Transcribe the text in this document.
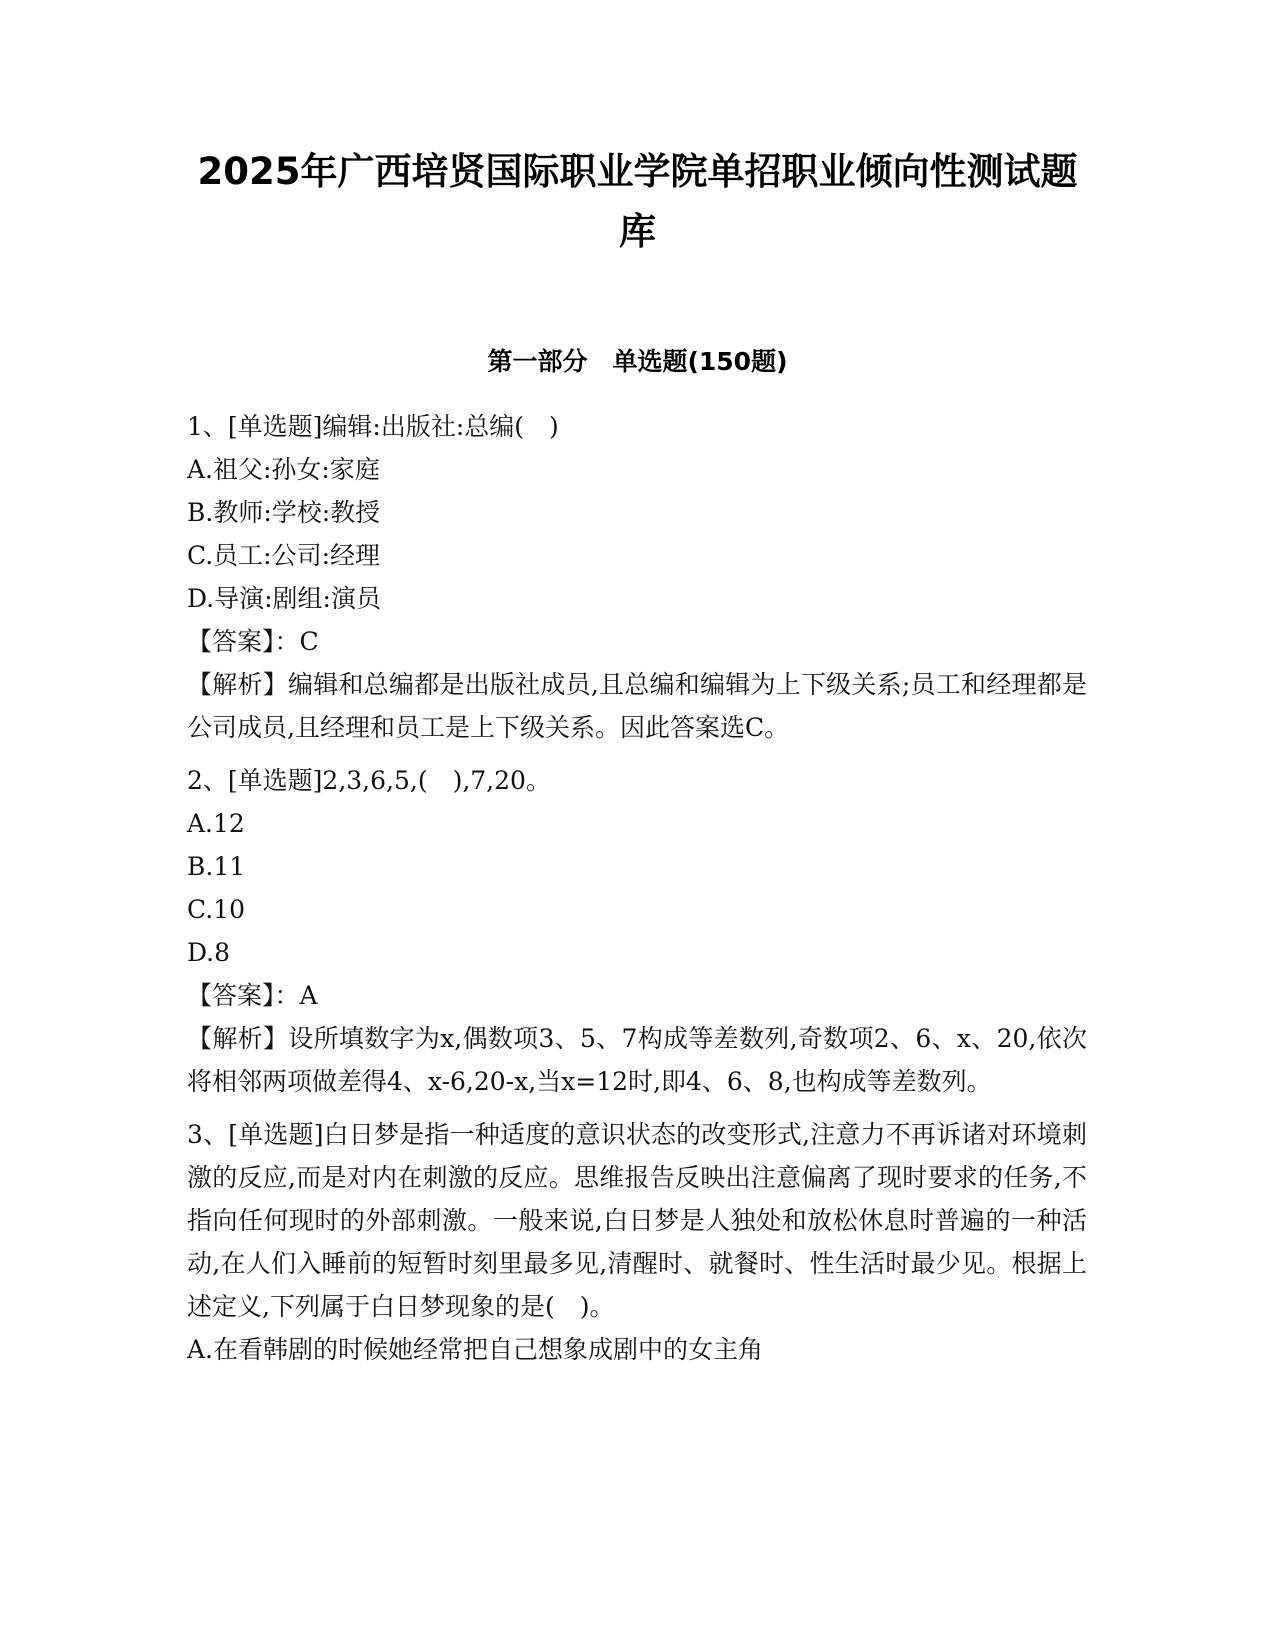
2025年广西培贤国际职业学院单招职业倾向性测试题
库
第一部分　单选题(150题)
1、[单选题]编辑:出版社:总编(　)
A.祖父:孙女:家庭
B.教师:学校:教授
C.员工:公司:经理
D.导演:剧组:演员
【答案】：C
【解析】编辑和总编都是出版社成员,且总编和编辑为上下级关系;员工和经理都是公司成员,且经理和员工是上下级关系。因此答案选C。
2、[单选题]2,3,6,5,(　),7,20。
A.12
B.11
C.10
D.8
【答案】：A
【解析】设所填数字为x,偶数项3、5、7构成等差数列,奇数项2、6、x、20,依次将相邻两项做差得4、x-6,20-x,当x=12时,即4、6、8,也构成等差数列。
3、[单选题]白日梦是指一种适度的意识状态的改变形式,注意力不再诉诸对环境刺激的反应,而是对内在刺激的反应。思维报告反映出注意偏离了现时要求的任务,不指向任何现时的外部刺激。一般来说,白日梦是人独处和放松休息时普遍的一种活动,在人们入睡前的短暂时刻里最多见,清醒时、就餐时、性生活时最少见。根据上述定义,下列属于白日梦现象的是(　)。
A.在看韩剧的时候她经常把自己想象成剧中的女主角
